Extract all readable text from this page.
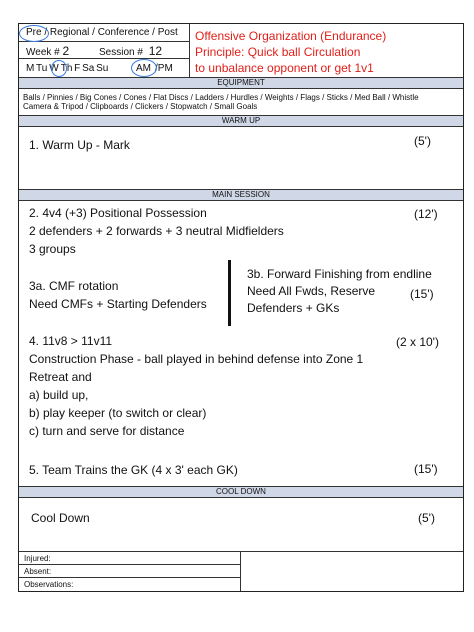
Pre / Regional / Conference / Post
Week # 2	Session # 12
M Tu W Th F Sa Su	AM /PM
Offensive Organization (Endurance)
Principle: Quick ball Circulation
to unbalance opponent or get 1v1
EQUIPMENT
Balls / Pinnies / Big Cones / Cones / Flat Discs / Ladders / Hurdles / Weights / Flags / Sticks / Med Ball / Whistle
Camera & Tripod / Clipboards / Clickers / Stopwatch / Small Goals
WARM UP
1. Warm Up - Mark	(5')
MAIN SESSION
2. 4v4 (+3) Positional Possession
2 defenders + 2 forwards + 3 neutral Midfielders
3 groups
(12')
3a. CMF rotation
Need CMFs + Starting Defenders
3b. Forward Finishing from endline
Need All Fwds, Reserve
Defenders + GKs
(15')
4. 11v8 > 11v11
Construction Phase - ball played in behind defense into Zone 1
Retreat and
a) build up,
b) play keeper (to switch or clear)
c) turn and serve for distance
(2 x 10')
5. Team Trains the GK (4 x 3' each GK)	(15')
COOL DOWN
Cool Down	(5')
Injured:
Absent:
Observations:
